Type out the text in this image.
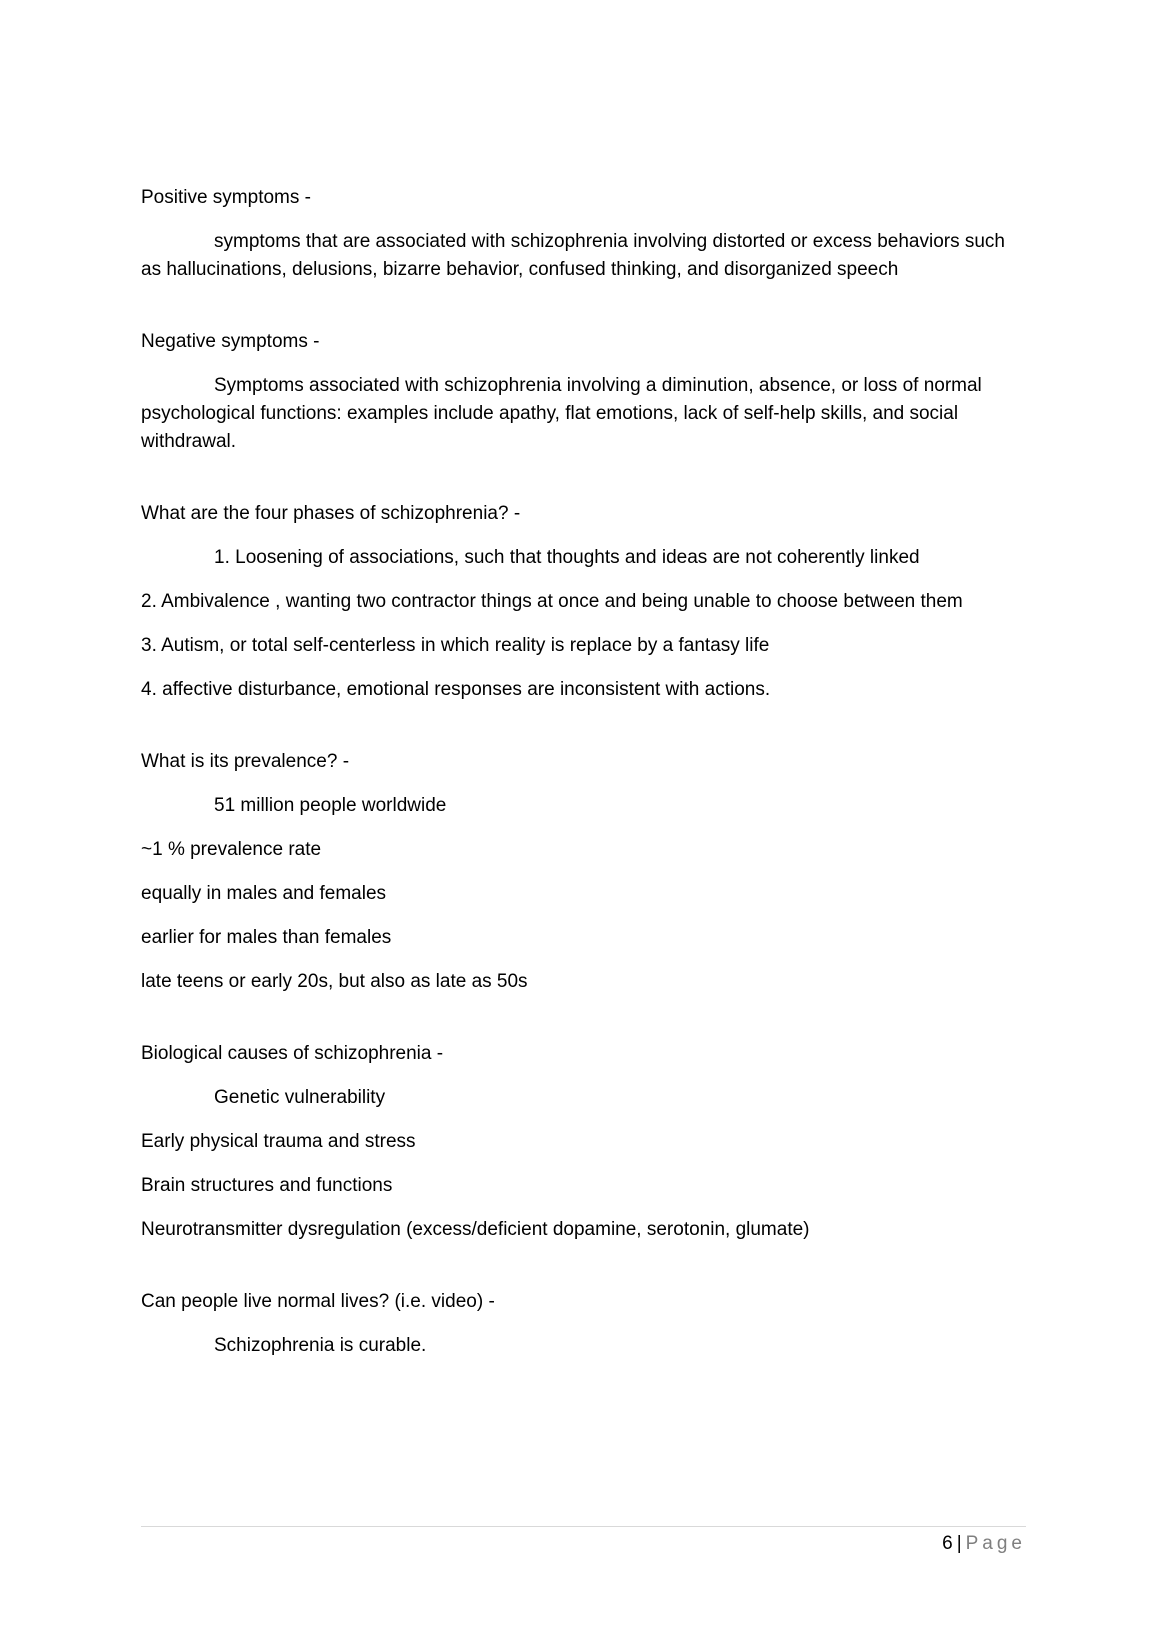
Positive symptoms -

symptoms that are associated with schizophrenia involving distorted or excess behaviors such as hallucinations, delusions, bizarre behavior, confused thinking, and disorganized speech

Negative symptoms -

Symptoms associated with schizophrenia involving a diminution, absence, or loss of normal psychological functions: examples include apathy, flat emotions, lack of self-help skills, and social withdrawal.

What are the four phases of schizophrenia? -

1. Loosening of associations, such that thoughts and ideas are not coherently linked

2. Ambivalence , wanting two contractor things at once and being unable to choose between them

3. Autism, or total self-centerless in which reality is replace by a fantasy life

4. affective disturbance, emotional responses are inconsistent with actions.

What is its prevalence? -

51 million people worldwide

~1 % prevalence rate

equally in males and females

earlier for males than females

late teens or early 20s, but also as late as 50s

Biological causes of schizophrenia -

Genetic vulnerability

Early physical trauma and stress

Brain structures and functions

Neurotransmitter dysregulation (excess/deficient dopamine, serotonin, glumate)

Can people live normal lives? (i.e. video) -

Schizophrenia is curable.

6 | Page
